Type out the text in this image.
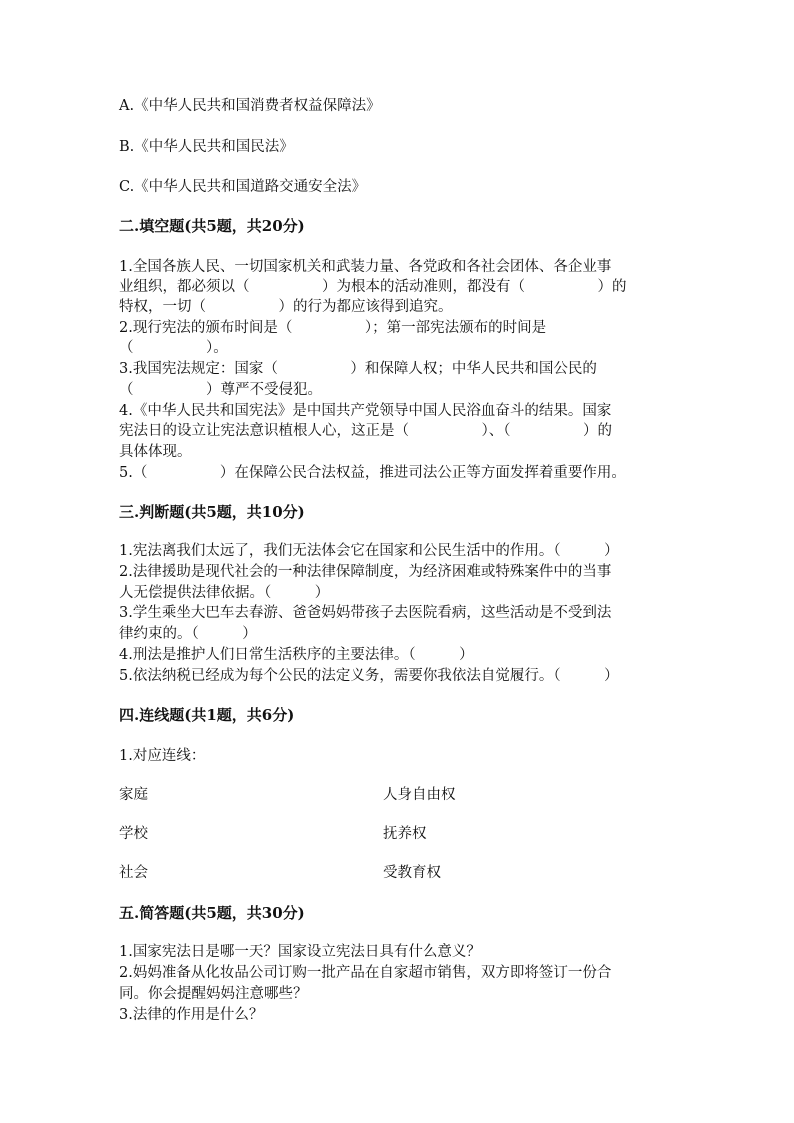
A.《中华人民共和国消费者权益保障法》
B.《中华人民共和国民法》
C.《中华人民共和国道路交通安全法》
二.填空题(共5题，共20分)
1.全国各族人民、一切国家机关和武装力量、各党政和各社会团体、各企业事
业组织，都必须以（　　　　　）为根本的活动准则，都没有（　　　　　）的
特权，一切（　　　　　）的行为都应该得到追究。
2.现行宪法的颁布时间是（　　　　　）；第一部宪法颁布的时间是
（　　　　　）。
3.我国宪法规定：国家（　　　　　）和保障人权；中华人民共和国公民的
（　　　　　）尊严不受侵犯。
4.《中华人民共和国宪法》是中国共产党领导中国人民浴血奋斗的结果。国家
宪法日的设立让宪法意识植根人心，这正是（　　　　　）、（　　　　　）的
具体体现。
5.（　　　　　）在保障公民合法权益，推进司法公正等方面发挥着重要作用。
三.判断题(共5题，共10分)
1.宪法离我们太远了，我们无法体会它在国家和公民生活中的作用。（　　　）
2.法律援助是现代社会的一种法律保障制度，为经济困难或特殊案件中的当事
人无偿提供法律依据。（　　　）
3.学生乘坐大巴车去春游、爸爸妈妈带孩子去医院看病，这些活动是不受到法
律约束的。（　　　）
4.刑法是推护人们日常生活秩序的主要法律。（　　　）
5.依法纳税已经成为每个公民的法定义务，需要你我依法自觉履行。（　　　）
四.连线题(共1题，共6分)
1.对应连线：
家庭	人身自由权
学校	抚养权
社会	受教育权
五.简答题(共5题，共30分)
1.国家宪法日是哪一天？国家设立宪法日具有什么意义？
2.妈妈准备从化妆品公司订购一批产品在自家超市销售，双方即将签订一份合
同。你会提醒妈妈注意哪些？
3.法律的作用是什么？
